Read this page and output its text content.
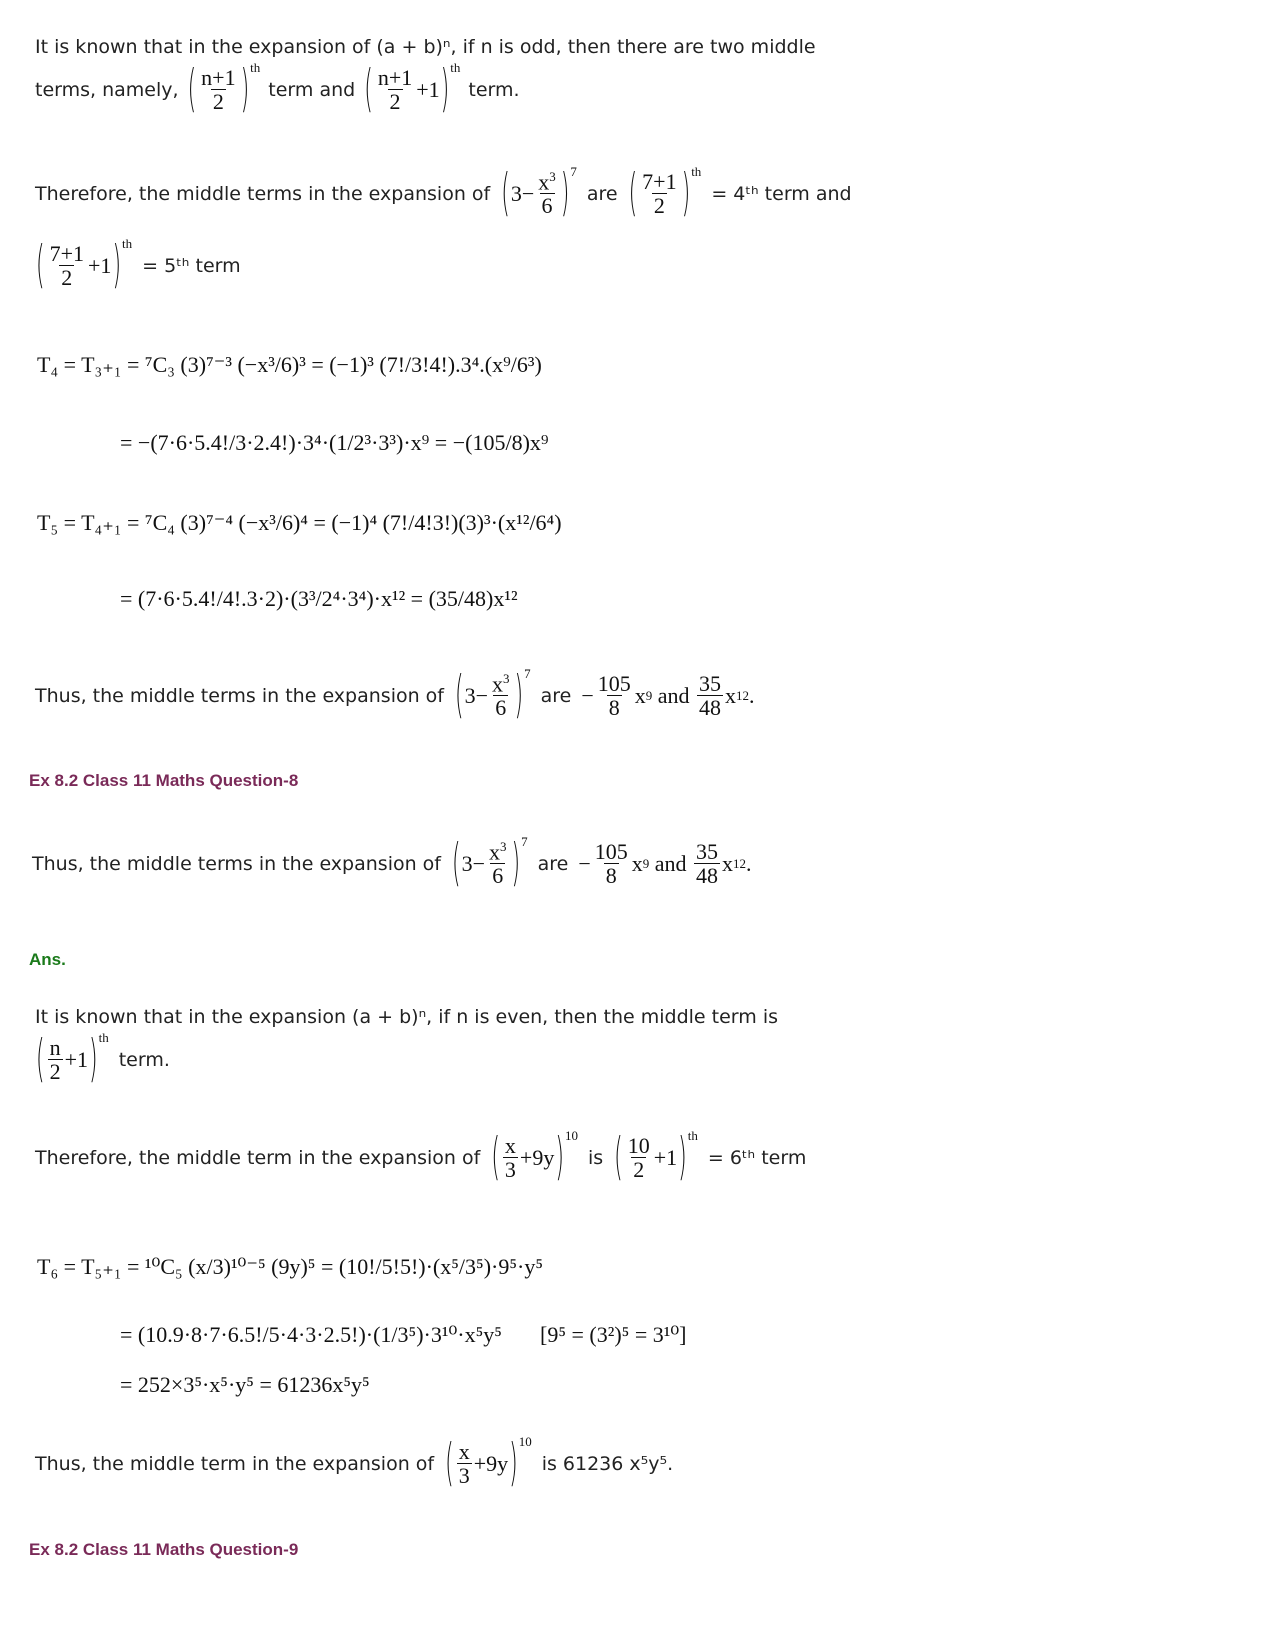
It is known that in the expansion of (a + b)ⁿ, if n is odd, then there are two middle
terms, namely, ( $\frac{n+1}{2} )^{th}$
term and ( $\frac{n+1}{2} +1$ )$^{th}$
term.
Therefore, the middle terms in the expansion of ( $3- \frac{x^3}{6} )^7$
are ( $\frac{7+1}{2} )^{th}$
= 4ᵗʰ term and
( $\frac{7+1}{2} +1$ )$^{th}$
= 5ᵗʰ term
T₄ = T₃₊₁ = ⁷C₃ (3)⁷⁻³ (−x³/6)³ = (−1)³ (7!/3!4!).3⁴.(x⁹/6³)
= −(7·6·5.4!/3·2.4!)·3⁴·(1/2³·3³)·x⁹ = −(105/8)x⁹
T₅ = T₄₊₁ = ⁷C₄ (3)⁷⁻⁴ (−x³/6)⁴ = (−1)⁴ (7!/4!3!)(3)³·(x¹²/6⁴)
= (7·6·5.4!/4!.3·2)·(3³/2⁴·3⁴)·x¹² = (35/48)x¹²
Thus, the middle terms in the expansion of ( $3- \frac{x^3}{6} )^7$
are − $\frac{105}{8}$ x 9
and
$\frac{35}{48}$ x 12 .
Ex 8.2 Class 11 Maths Question-8
Thus, the middle terms in the expansion of ( $3- \frac{x^3}{6} )^7$
are − $\frac{105}{8}$ x 9
and
$\frac{35}{48}$ x 12 .
Ans.
It is known that in the expansion (a + b)ⁿ, if n is even, then the middle term is
( $\frac{n}{2} +1$ )$^{th}$
term.
Therefore, the middle term in the expansion of ( $\frac{x}{3} +9y$ )$^{10}$
is ( $\frac{10}{2} +1$ )$^{th}$
= 6ᵗʰ term
T₆ = T₅₊₁ = ¹⁰C₅ (x/3)¹⁰⁻⁵ (9y)⁵ = (10!/5!5!)·(x⁵/3⁵)·9⁵·y⁵
= (10.9·8·7·6.5!/5·4·3·2.5!)·(1/3⁵)·3¹⁰·x⁵y⁵ [9⁵ = (3²)⁵ = 3¹⁰]
= 252×3⁵·x⁵·y⁵ = 61236x⁵y⁵
Thus, the middle term in the expansion of ( $\frac{x}{3} +9y$ )$^{10}$
is 61236 x⁵y⁵.
Ex 8.2 Class 11 Maths Question-9
